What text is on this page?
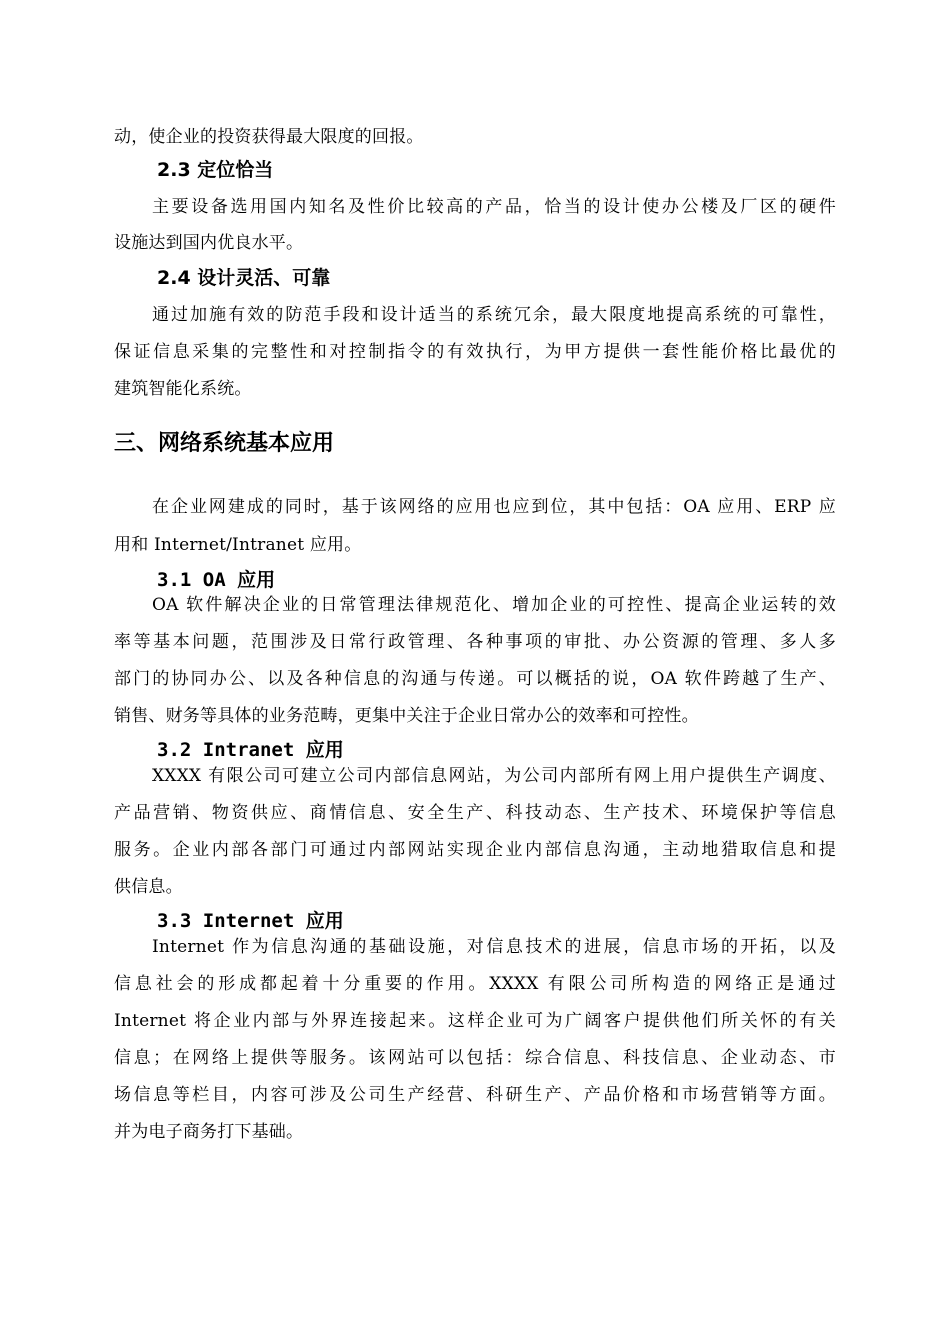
动，使企业的投资获得最大限度的回报。
2.3 定位恰当
主要设备选用国内知名及性价比较高的产品，恰当的设计使办公楼及厂区的硬件
设施达到国内优良水平。
2.4 设计灵活、可靠
通过加施有效的防范手段和设计适当的系统冗余，最大限度地提高系统的可靠性，
保证信息采集的完整性和对控制指令的有效执行，为甲方提供一套性能价格比最优的
建筑智能化系统。
三、网络系统基本应用
在企业网建成的同时，基于该网络的应用也应到位，其中包括：OA 应用、ERP 应
用和 Internet/Intranet 应用。
3.1 OA 应用
OA 软件解决企业的日常管理法律规范化、增加企业的可控性、提高企业运转的效
率等基本问题，范围涉及日常行政管理、各种事项的审批、办公资源的管理、多人多
部门的协同办公、以及各种信息的沟通与传递。可以概括的说，OA 软件跨越了生产、
销售、财务等具体的业务范畴，更集中关注于企业日常办公的效率和可控性。
3.2 Intranet 应用
XXXX 有限公司可建立公司内部信息网站，为公司内部所有网上用户提供生产调度、
产品营销、物资供应、商情信息、安全生产、科技动态、生产技术、环境保护等信息
服务。企业内部各部门可通过内部网站实现企业内部信息沟通，主动地猎取信息和提
供信息。
3.3 Internet 应用
Internet 作为信息沟通的基础设施，对信息技术的进展，信息市场的开拓，以及
信息社会的形成都起着十分重要的作用。XXXX 有限公司所构造的网络正是通过
Internet 将企业内部与外界连接起来。这样企业可为广阔客户提供他们所关怀的有关
信息；在网络上提供等服务。该网站可以包括：综合信息、科技信息、企业动态、市
场信息等栏目，内容可涉及公司生产经营、科研生产、产品价格和市场营销等方面。
并为电子商务打下基础。
